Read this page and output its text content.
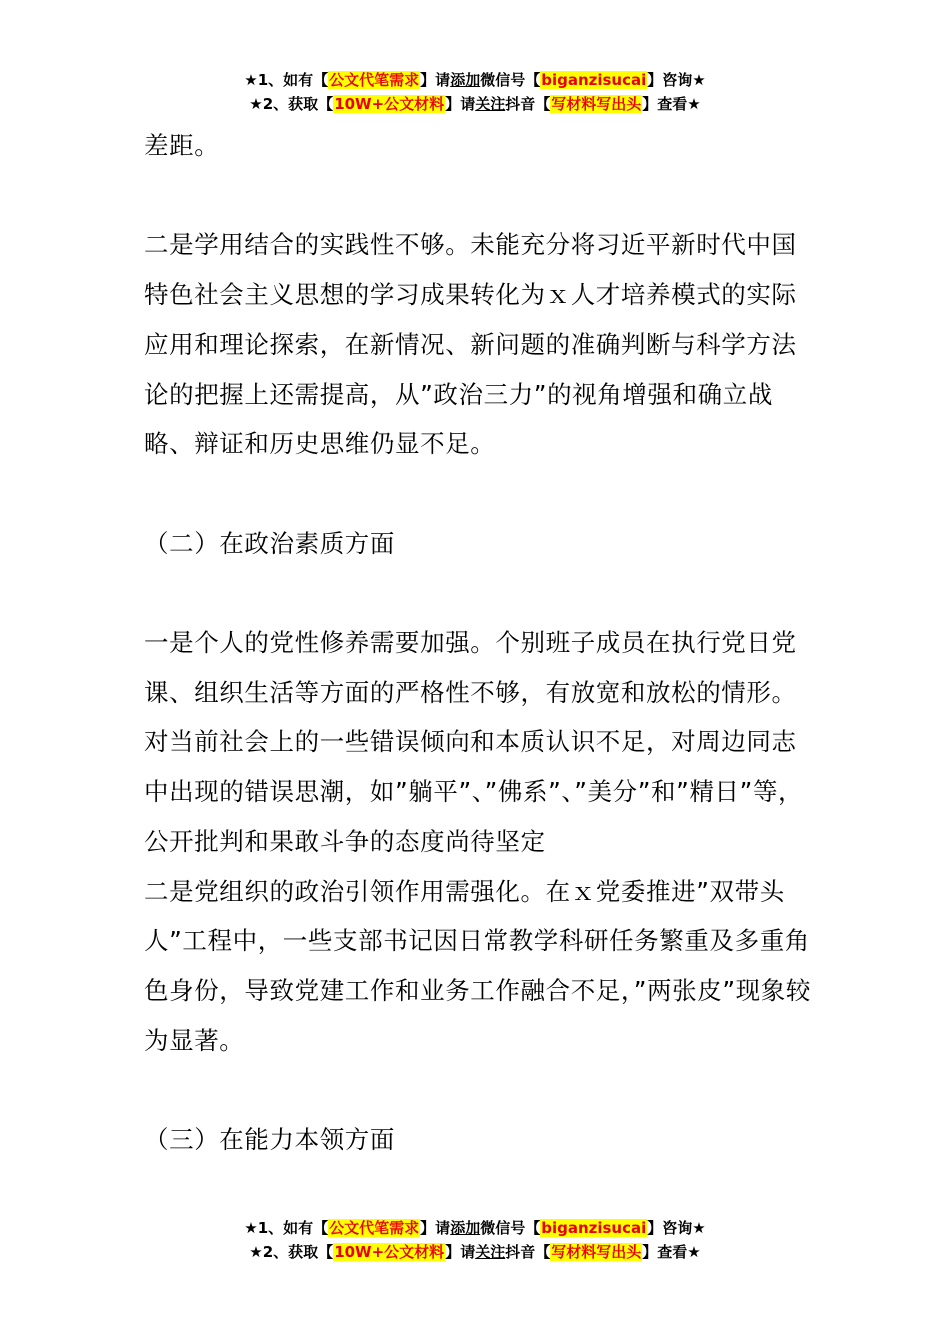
★1、如有【公文代笔需求】请添加微信号【biganzisucai】咨询★
★2、获取【10W+公文材料】请关注抖音【写材料写出头】查看★

差距。

二是学用结合的实践性不够。未能充分将习近平新时代中国特色社会主义思想的学习成果转化为ｘ人才培养模式的实际应用和理论探索，在新情况、新问题的准确判断与科学方法论的把握上还需提高，从”政治三力”的视角增强和确立战略、辩证和历史思维仍显不足。

（二）在政治素质方面

一是个人的党性修养需要加强。个别班子成员在执行党日党课、组织生活等方面的严格性不够，有放宽和放松的情形。对当前社会上的一些错误倾向和本质认识不足，对周边同志中出现的错误思潮，如”躺平”、”佛系”、”美分”和”精日”等，公开批判和果敢斗争的态度尚待坚定

二是党组织的政治引领作用需强化。在ｘ党委推进”双带头人”工程中，一些支部书记因日常教学科研任务繁重及多重角色身份，导致党建工作和业务工作融合不足，”两张皮”现象较为显著。

（三）在能力本领方面

★1、如有【公文代笔需求】请添加微信号【biganzisucai】咨询★
★2、获取【10W+公文材料】请关注抖音【写材料写出头】查看★
